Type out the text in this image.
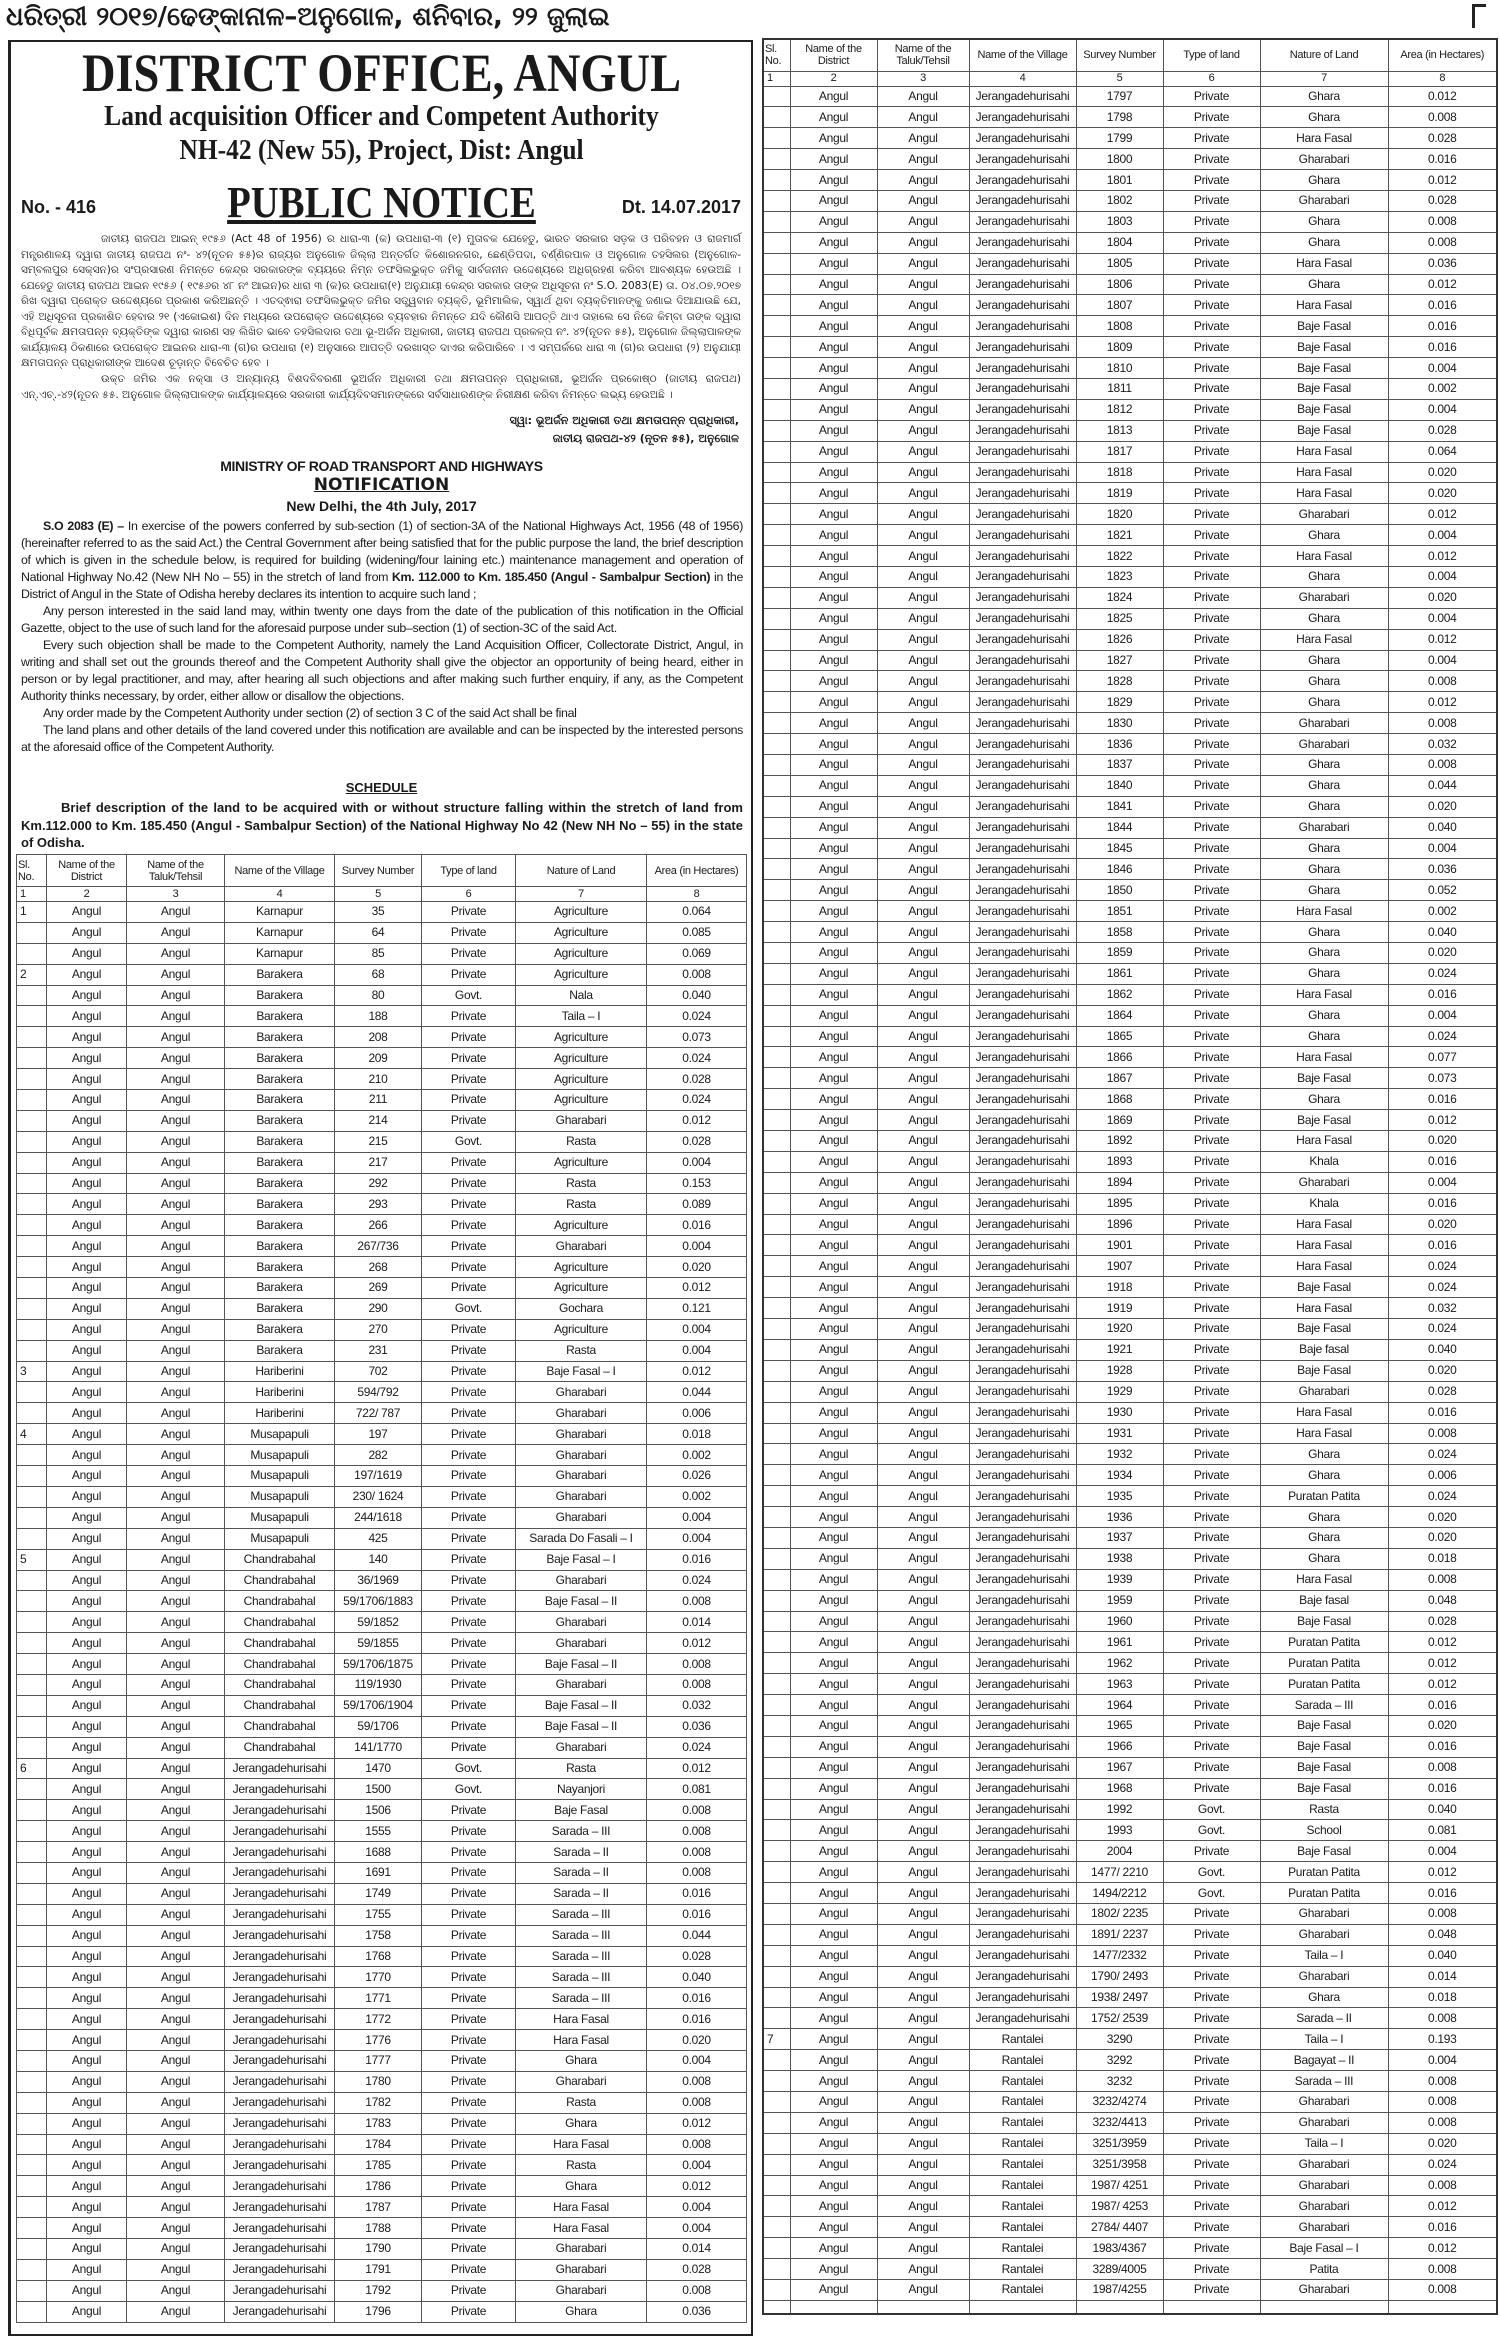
ଧରିତ୍ରୀ ୨୦୧୭/ଢେଙ୍କାନାଳ–ଅନୁଗୋଳ, ଶନିବାର, ୨୨ ଜୁଲାଇ
DISTRICT OFFICE, ANGUL
Land acquisition Officer and Competent Authority
NH-42 (New 55), Project, Dist: Angul
PUBLIC NOTICE
No. - 416	Dt. 14.07.2017

ଜାତୀୟ ରାଜପଥ ଆଇନ୍ ୧୯୫୬ (Act 48 of 1956) ର ଧାରା-୩ (କ) ଉପଧାରା-୩ (୧) ମୁତାବକ ଯେହେତୁ, ଭାରତ ସରକାର ସଡ଼କ ଓ ପରିବହନ ଓ ରାଜମାର୍ଗ ମନ୍ତ୍ରଣାଳୟ ଦ୍ୱାରା ଜାତୀୟ ରାଜପଥ ନଂ- ୪୨(ନୂତନ ୫୫)ର ରାଜ୍ୟର ଅନୁଗୋଳ ଜିଲ୍ଲା ଅନ୍ତର୍ଗତ କିଶୋରନଗର, ଛେଣ୍ଡିପଦା, ବର୍ଣ୍ଣିରପାଳ ଓ ଅନୁଗୋଳ ତହସିଲର (ଅନୁଗୋଳ-ସମ୍ବଲପୁର ସେକ୍ସନ)ର ସଂପ୍ରସାରଣ ନିମନ୍ତେ କେନ୍ଦ୍ର ସରକାରଙ୍କ ବ୍ୟୟରେ ନିମ୍ନ ତଫସିଲଭୁକ୍ତ ଜମିକୁ ସାର୍ବଜନୀନ ଉଦ୍ଦେଶ୍ୟରେ ଅଧିଗ୍ରହଣ କରିବା ଆବଶ୍ୟକ ହେଉଅଛି । ଯେହେତୁ ଜାତୀୟ ରାଜପଥ ଆଇନ ୧୯୫୬ ( ୧୯୫୬ର ୪୮ ନଂ ଆଇନ)ର ଧାରା ୩ (କ)ର ଉପଧାରା(୧) ଅନୁଯାୟୀ କେନ୍ଦ୍ର ସରକାର ତାଙ୍କ ଅଧିସୂଚନା ନଂ S.O. 2083(E) ତା. ୦୪.୦୭.୨୦୧୭ ରିଖ ଦ୍ୱାରା ପ୍ରୋକ୍ତ ଉଦ୍ଦେଶ୍ୟରେ ପ୍ରକାଶ କରିଅଛନ୍ତି । ଏତଦ୍ଵାରା ତଫସିଲଭୁକ୍ତ ଜମିର ସତ୍ତ୍ୱବାନ ବ୍ୟକ୍ତି, ଭୂମିମାଲିକ, ସ୍ୱାର୍ଥ ଥିବା ବ୍ୟକ୍ତିମାନଙ୍କୁ ଜଣାଇ ଦିଆଯାଉଛି ଯେ, ଏହି ଅଧିସୂଚନା ପ୍ରକାଶିତ ହେବାର ୨୧ (ଏକୋଇଶ) ଦିନ ମଧ୍ୟରେ ଉପରୋକ୍ତ ଉଦ୍ଦେଶ୍ୟରେ ବ୍ୟବହାର ନିମନ୍ତେ ଯଦି କୌଣସି ଆପତ୍ତି ଥାଏ ତାହାଲେ ସେ ନିଜେ କିମ୍ବା ତାଙ୍କ ଦ୍ୱାରା ବିଧିପୂର୍ବକ କ୍ଷମତାପନ୍ନ ବ୍ୟକ୍ତିଙ୍କ ଦ୍ୱାରା କାରଣ ସହ ଲିଖିତ ଭାବେ ତହସିଲଦାର ତଥା ଭୂ-ଅର୍ଜନ ଅଧିକାରୀ, ଜାତୀୟ ରାଜପଥ ପ୍ରକଳ୍ପ ନଂ. ୪୨(ନୂତନ ୫୫), ଅନୁଗୋଳ ଜିଲ୍ଲାପାଳଙ୍କ କାର୍ଯ୍ୟାଳୟ ଠିକଣାରେ ଉପରୋକ୍ତ ଆଇନର ଧାରା-୩ (ଗ)ର ଉପଧାରା (୧) ଅନୁସାରେ ଆପତ୍ତି ଦରଖାସ୍ତ ଦାଏର କରିପାରିବେ । ଏ ସମ୍ପର୍କରେ ଧାରା ୩ (ଗ)ର ଉପଧାରା (୨) ଅନୁଯାୟୀ କ୍ଷମତାପନ୍ନ ପ୍ରାଧିକାରୀଙ୍କ ଆଦେଶ ଚୂଡ଼ାନ୍ତ ବିବେଚିତ ହେବ ।

ଉକ୍ତ ଜମିର ଏକ ନକ୍ସା ଓ ଅନ୍ୟାନ୍ୟ ବିଶଦବିବରଣୀ ଭୂଅର୍ଜନ ଅଧିକାରୀ ତଥା କ୍ଷମତାପନ୍ନ ପ୍ରାଧିକାରୀ, ଭୂଅର୍ଜନ ପ୍ରକୋଷ୍ଠ (ଜାତୀୟ ରାଜପଥ) ଏନ୍.ଏଚ୍.-୪୨(ନୂତନ ୫୫. ଅନୁଗୋଳ ଜିଲ୍ଲାପାଳଙ୍କ କାର୍ଯ୍ୟାଳୟରେ ସରକାରୀ କାର୍ଯ୍ୟଦିବସମାନଙ୍କରେ ସର୍ବସାଧାରଣଙ୍କ ନିରୀକ୍ଷଣ କରିବା ନିମନ୍ତେ ଲଭ୍ୟ ହେଉଅଛି ।

ସ୍ୱା: ଭୂଅର୍ଜନ ଅଧିକାରୀ ତଥା କ୍ଷମତାପନ୍ନ ପ୍ରାଧିକାରୀ,
ଜାତୀୟ ରାଜପଥ-୪୨ (ନୂତନ ୫୫), ଅନୁଗୋଳ
MINISTRY OF ROAD TRANSPORT AND HIGHWAYS
NOTIFICATION
New Delhi, the 4th July, 2017

S.O 2083 (E) – In exercise of the powers conferred by sub-section (1) of section-3A of the National Highways Act, 1956 (48 of 1956) (hereinafter referred to as the said Act.) the Central Government after being satisfied that for the public purpose the land, the brief description of which is given in the schedule below, is required for building (widening/four laining etc.) maintenance management and operation of National Highway No.42 (New NH No – 55) in the stretch of land from Km. 112.000 to Km. 185.450 (Angul - Sambalpur Section) in the District of Angul in the State of Odisha hereby declares its intention to acquire such land ;

Any person interested in the said land may, within twenty one days from the date of the publication of this notification in the Official Gazette, object to the use of such land for the aforesaid purpose under sub–section (1) of section-3C of the said Act.

Every such objection shall be made to the Competent Authority, namely the Land Acquisition Officer, Collectorate District, Angul, in writing and shall set out the grounds thereof and the Competent Authority shall give the objector an opportunity of being heard, either in person or by legal practitioner, and may, after hearing all such objections and after making such further enquiry, if any, as the Competent Authority thinks necessary, by order, either allow or disallow the objections.

Any order made by the Competent Authority under section (2) of section 3 C of the said Act shall be final

The land plans and other details of the land covered under this notification are available and can be inspected by the interested persons at the aforesaid office of the Competent Authority.

SCHEDULE

Brief description of the land to be acquired with or without structure falling within the stretch of land from Km.112.000 to Km. 185.450 (Angul - Sambalpur Section) of the National Highway No 42 (New NH No – 55) in the state of Odisha.

Sl. No.	Name of the District	Name of the Taluk/Tehsil	Name of the Village	Survey Number	Type of land	Nature of Land	Area (in Hectares)
1	2	3	4	5	6	7	8
1	Angul	Angul	Karnapur	35	Private	Agriculture	0.064
	Angul	Angul	Karnapur	64	Private	Agriculture	0.085
	Angul	Angul	Karnapur	85	Private	Agriculture	0.069
2	Angul	Angul	Barakera	68	Private	Agriculture	0.008
	Angul	Angul	Barakera	80	Govt.	Nala	0.040
	Angul	Angul	Barakera	188	Private	Taila – I	0.024
	Angul	Angul	Barakera	208	Private	Agriculture	0.073
	Angul	Angul	Barakera	209	Private	Agriculture	0.024
	Angul	Angul	Barakera	210	Private	Agriculture	0.028
	Angul	Angul	Barakera	211	Private	Agriculture	0.024
	Angul	Angul	Barakera	214	Private	Gharabari	0.012
	Angul	Angul	Barakera	215	Govt.	Rasta	0.028
	Angul	Angul	Barakera	217	Private	Agriculture	0.004
	Angul	Angul	Barakera	292	Private	Rasta	0.153
	Angul	Angul	Barakera	293	Private	Rasta	0.089
	Angul	Angul	Barakera	266	Private	Agriculture	0.016
	Angul	Angul	Barakera	267/736	Private	Gharabari	0.004
	Angul	Angul	Barakera	268	Private	Agriculture	0.020
	Angul	Angul	Barakera	269	Private	Agriculture	0.012
	Angul	Angul	Barakera	290	Govt.	Gochara	0.121
	Angul	Angul	Barakera	270	Private	Agriculture	0.004
	Angul	Angul	Barakera	231	Private	Rasta	0.004
3	Angul	Angul	Hariberini	702	Private	Baje Fasal – I	0.012
	Angul	Angul	Hariberini	594/792	Private	Gharabari	0.044
	Angul	Angul	Hariberini	722/ 787	Private	Gharabari	0.006
4	Angul	Angul	Musapapuli	197	Private	Gharabari	0.018
	Angul	Angul	Musapapuli	282	Private	Gharabari	0.002
	Angul	Angul	Musapapuli	197/1619	Private	Gharabari	0.026
	Angul	Angul	Musapapuli	230/ 1624	Private	Gharabari	0.002
	Angul	Angul	Musapapuli	244/1618	Private	Gharabari	0.004
	Angul	Angul	Musapapuli	425	Private	Sarada Do Fasali – I	0.004
5	Angul	Angul	Chandrabahal	140	Private	Baje Fasal – I	0.016
	Angul	Angul	Chandrabahal	36/1969	Private	Gharabari	0.024
	Angul	Angul	Chandrabahal	59/1706/1883	Private	Baje Fasal – II	0.008
	Angul	Angul	Chandrabahal	59/1852	Private	Gharabari	0.014
	Angul	Angul	Chandrabahal	59/1855	Private	Gharabari	0.012
	Angul	Angul	Chandrabahal	59/1706/1875	Private	Baje Fasal – II	0.008
	Angul	Angul	Chandrabahal	119/1930	Private	Gharabari	0.008
	Angul	Angul	Chandrabahal	59/1706/1904	Private	Baje Fasal – II	0.032
	Angul	Angul	Chandrabahal	59/1706	Private	Baje Fasal – II	0.036
	Angul	Angul	Chandrabahal	141/1770	Private	Gharabari	0.024
6	Angul	Angul	Jerangadehurisahi	1470	Govt.	Rasta	0.012
	Angul	Angul	Jerangadehurisahi	1500	Govt.	Nayanjori	0.081
	Angul	Angul	Jerangadehurisahi	1506	Private	Baje Fasal	0.008
	Angul	Angul	Jerangadehurisahi	1555	Private	Sarada – III	0.008
	Angul	Angul	Jerangadehurisahi	1688	Private	Sarada – II	0.008
	Angul	Angul	Jerangadehurisahi	1691	Private	Sarada – II	0.008
	Angul	Angul	Jerangadehurisahi	1749	Private	Sarada – II	0.016
	Angul	Angul	Jerangadehurisahi	1755	Private	Sarada – III	0.016
	Angul	Angul	Jerangadehurisahi	1758	Private	Sarada – III	0.044
	Angul	Angul	Jerangadehurisahi	1768	Private	Sarada – III	0.028
	Angul	Angul	Jerangadehurisahi	1770	Private	Sarada – III	0.040
	Angul	Angul	Jerangadehurisahi	1771	Private	Sarada – III	0.016
	Angul	Angul	Jerangadehurisahi	1772	Private	Hara Fasal	0.016
	Angul	Angul	Jerangadehurisahi	1776	Private	Hara Fasal	0.020
	Angul	Angul	Jerangadehurisahi	1777	Private	Ghara	0.004
	Angul	Angul	Jerangadehurisahi	1780	Private	Gharabari	0.008
	Angul	Angul	Jerangadehurisahi	1782	Private	Rasta	0.008
	Angul	Angul	Jerangadehurisahi	1783	Private	Ghara	0.012
	Angul	Angul	Jerangadehurisahi	1784	Private	Hara Fasal	0.008
	Angul	Angul	Jerangadehurisahi	1785	Private	Rasta	0.004
	Angul	Angul	Jerangadehurisahi	1786	Private	Ghara	0.012
	Angul	Angul	Jerangadehurisahi	1787	Private	Hara Fasal	0.004
	Angul	Angul	Jerangadehurisahi	1788	Private	Hara Fasal	0.004
	Angul	Angul	Jerangadehurisahi	1790	Private	Gharabari	0.014
	Angul	Angul	Jerangadehurisahi	1791	Private	Gharabari	0.028
	Angul	Angul	Jerangadehurisahi	1792	Private	Gharabari	0.008
	Angul	Angul	Jerangadehurisahi	1796	Private	Ghara	0.036
Sl. No.	Name of the District	Name of the Taluk/Tehsil	Name of the Village	Survey Number	Type of land	Nature of Land	Area (in Hectares)
1	2	3	4	5	6	7	8
	Angul	Angul	Jerangadehurisahi	1797	Private	Ghara	0.012
	Angul	Angul	Jerangadehurisahi	1798	Private	Ghara	0.008
	Angul	Angul	Jerangadehurisahi	1799	Private	Hara Fasal	0.028
	Angul	Angul	Jerangadehurisahi	1800	Private	Gharabari	0.016
	Angul	Angul	Jerangadehurisahi	1801	Private	Ghara	0.012
	Angul	Angul	Jerangadehurisahi	1802	Private	Gharabari	0.028
	Angul	Angul	Jerangadehurisahi	1803	Private	Ghara	0.008
	Angul	Angul	Jerangadehurisahi	1804	Private	Ghara	0.008
	Angul	Angul	Jerangadehurisahi	1805	Private	Hara Fasal	0.036
	Angul	Angul	Jerangadehurisahi	1806	Private	Ghara	0.012
	Angul	Angul	Jerangadehurisahi	1807	Private	Hara Fasal	0.016
	Angul	Angul	Jerangadehurisahi	1808	Private	Baje Fasal	0.016
	Angul	Angul	Jerangadehurisahi	1809	Private	Baje Fasal	0.016
	Angul	Angul	Jerangadehurisahi	1810	Private	Baje Fasal	0.004
	Angul	Angul	Jerangadehurisahi	1811	Private	Baje Fasal	0.002
	Angul	Angul	Jerangadehurisahi	1812	Private	Baje Fasal	0.004
	Angul	Angul	Jerangadehurisahi	1813	Private	Baje Fasal	0.028
	Angul	Angul	Jerangadehurisahi	1817	Private	Hara Fasal	0.064
	Angul	Angul	Jerangadehurisahi	1818	Private	Hara Fasal	0.020
	Angul	Angul	Jerangadehurisahi	1819	Private	Hara Fasal	0.020
	Angul	Angul	Jerangadehurisahi	1820	Private	Gharabari	0.012
	Angul	Angul	Jerangadehurisahi	1821	Private	Ghara	0.004
	Angul	Angul	Jerangadehurisahi	1822	Private	Hara Fasal	0.012
	Angul	Angul	Jerangadehurisahi	1823	Private	Ghara	0.004
	Angul	Angul	Jerangadehurisahi	1824	Private	Gharabari	0.020
	Angul	Angul	Jerangadehurisahi	1825	Private	Ghara	0.004
	Angul	Angul	Jerangadehurisahi	1826	Private	Hara Fasal	0.012
	Angul	Angul	Jerangadehurisahi	1827	Private	Ghara	0.004
	Angul	Angul	Jerangadehurisahi	1828	Private	Ghara	0.008
	Angul	Angul	Jerangadehurisahi	1829	Private	Ghara	0.012
	Angul	Angul	Jerangadehurisahi	1830	Private	Gharabari	0.008
	Angul	Angul	Jerangadehurisahi	1836	Private	Gharabari	0.032
	Angul	Angul	Jerangadehurisahi	1837	Private	Ghara	0.008
	Angul	Angul	Jerangadehurisahi	1840	Private	Ghara	0.044
	Angul	Angul	Jerangadehurisahi	1841	Private	Ghara	0.020
	Angul	Angul	Jerangadehurisahi	1844	Private	Gharabari	0.040
	Angul	Angul	Jerangadehurisahi	1845	Private	Ghara	0.004
	Angul	Angul	Jerangadehurisahi	1846	Private	Ghara	0.036
	Angul	Angul	Jerangadehurisahi	1850	Private	Ghara	0.052
	Angul	Angul	Jerangadehurisahi	1851	Private	Hara Fasal	0.002
	Angul	Angul	Jerangadehurisahi	1858	Private	Ghara	0.040
	Angul	Angul	Jerangadehurisahi	1859	Private	Ghara	0.020
	Angul	Angul	Jerangadehurisahi	1861	Private	Ghara	0.024
	Angul	Angul	Jerangadehurisahi	1862	Private	Hara Fasal	0.016
	Angul	Angul	Jerangadehurisahi	1864	Private	Ghara	0.004
	Angul	Angul	Jerangadehurisahi	1865	Private	Ghara	0.024
	Angul	Angul	Jerangadehurisahi	1866	Private	Hara Fasal	0.077
	Angul	Angul	Jerangadehurisahi	1867	Private	Baje Fasal	0.073
	Angul	Angul	Jerangadehurisahi	1868	Private	Ghara	0.016
	Angul	Angul	Jerangadehurisahi	1869	Private	Baje Fasal	0.012
	Angul	Angul	Jerangadehurisahi	1892	Private	Hara Fasal	0.020
	Angul	Angul	Jerangadehurisahi	1893	Private	Khala	0.016
	Angul	Angul	Jerangadehurisahi	1894	Private	Gharabari	0.004
	Angul	Angul	Jerangadehurisahi	1895	Private	Khala	0.016
	Angul	Angul	Jerangadehurisahi	1896	Private	Hara Fasal	0.020
	Angul	Angul	Jerangadehurisahi	1901	Private	Hara Fasal	0.016
	Angul	Angul	Jerangadehurisahi	1907	Private	Hara Fasal	0.024
	Angul	Angul	Jerangadehurisahi	1918	Private	Baje Fasal	0.024
	Angul	Angul	Jerangadehurisahi	1919	Private	Hara Fasal	0.032
	Angul	Angul	Jerangadehurisahi	1920	Private	Baje Fasal	0.024
	Angul	Angul	Jerangadehurisahi	1921	Private	Baje fasal	0.040
	Angul	Angul	Jerangadehurisahi	1928	Private	Baje Fasal	0.020
	Angul	Angul	Jerangadehurisahi	1929	Private	Gharabari	0.028
	Angul	Angul	Jerangadehurisahi	1930	Private	Hara Fasal	0.016
	Angul	Angul	Jerangadehurisahi	1931	Private	Hara Fasal	0.008
	Angul	Angul	Jerangadehurisahi	1932	Private	Ghara	0.024
	Angul	Angul	Jerangadehurisahi	1934	Private	Ghara	0.006
	Angul	Angul	Jerangadehurisahi	1935	Private	Puratan Patita	0.024
	Angul	Angul	Jerangadehurisahi	1936	Private	Ghara	0.020
	Angul	Angul	Jerangadehurisahi	1937	Private	Ghara	0.020
	Angul	Angul	Jerangadehurisahi	1938	Private	Ghara	0.018
	Angul	Angul	Jerangadehurisahi	1939	Private	Hara Fasal	0.008
	Angul	Angul	Jerangadehurisahi	1959	Private	Baje fasal	0.048
	Angul	Angul	Jerangadehurisahi	1960	Private	Baje Fasal	0.028
	Angul	Angul	Jerangadehurisahi	1961	Private	Puratan Patita	0.012
	Angul	Angul	Jerangadehurisahi	1962	Private	Puratan Patita	0.012
	Angul	Angul	Jerangadehurisahi	1963	Private	Puratan Patita	0.012
	Angul	Angul	Jerangadehurisahi	1964	Private	Sarada – III	0.016
	Angul	Angul	Jerangadehurisahi	1965	Private	Baje Fasal	0.020
	Angul	Angul	Jerangadehurisahi	1966	Private	Baje Fasal	0.016
	Angul	Angul	Jerangadehurisahi	1967	Private	Baje Fasal	0.008
	Angul	Angul	Jerangadehurisahi	1968	Private	Baje Fasal	0.016
	Angul	Angul	Jerangadehurisahi	1992	Govt.	Rasta	0.040
	Angul	Angul	Jerangadehurisahi	1993	Govt.	School	0.081
	Angul	Angul	Jerangadehurisahi	2004	Private	Baje Fasal	0.004
	Angul	Angul	Jerangadehurisahi	1477/ 2210	Govt.	Puratan Patita	0.012
	Angul	Angul	Jerangadehurisahi	1494/2212	Govt.	Puratan Patita	0.016
	Angul	Angul	Jerangadehurisahi	1802/ 2235	Private	Gharabari	0.008
	Angul	Angul	Jerangadehurisahi	1891/ 2237	Private	Gharabari	0.048
	Angul	Angul	Jerangadehurisahi	1477/2332	Private	Taila – I	0.040
	Angul	Angul	Jerangadehurisahi	1790/ 2493	Private	Gharabari	0.014
	Angul	Angul	Jerangadehurisahi	1938/ 2497	Private	Ghara	0.018
	Angul	Angul	Jerangadehurisahi	1752/ 2539	Private	Sarada – II	0.008
7	Angul	Angul	Rantalei	3290	Private	Taila – I	0.193
	Angul	Angul	Rantalei	3292	Private	Bagayat – II	0.004
	Angul	Angul	Rantalei	3232	Private	Sarada – III	0.008
	Angul	Angul	Rantalei	3232/4274	Private	Gharabari	0.008
	Angul	Angul	Rantalei	3232/4413	Private	Gharabari	0.008
	Angul	Angul	Rantalei	3251/3959	Private	Taila – I	0.020
	Angul	Angul	Rantalei	3251/3958	Private	Gharabari	0.024
	Angul	Angul	Rantalei	1987/ 4251	Private	Gharabari	0.008
	Angul	Angul	Rantalei	1987/ 4253	Private	Gharabari	0.012
	Angul	Angul	Rantalei	2784/ 4407	Private	Gharabari	0.016
	Angul	Angul	Rantalei	1983/4367	Private	Baje Fasal – I	0.012
	Angul	Angul	Rantalei	3289/4005	Private	Patita	0.008
	Angul	Angul	Rantalei	1987/4255	Private	Gharabari	0.008
